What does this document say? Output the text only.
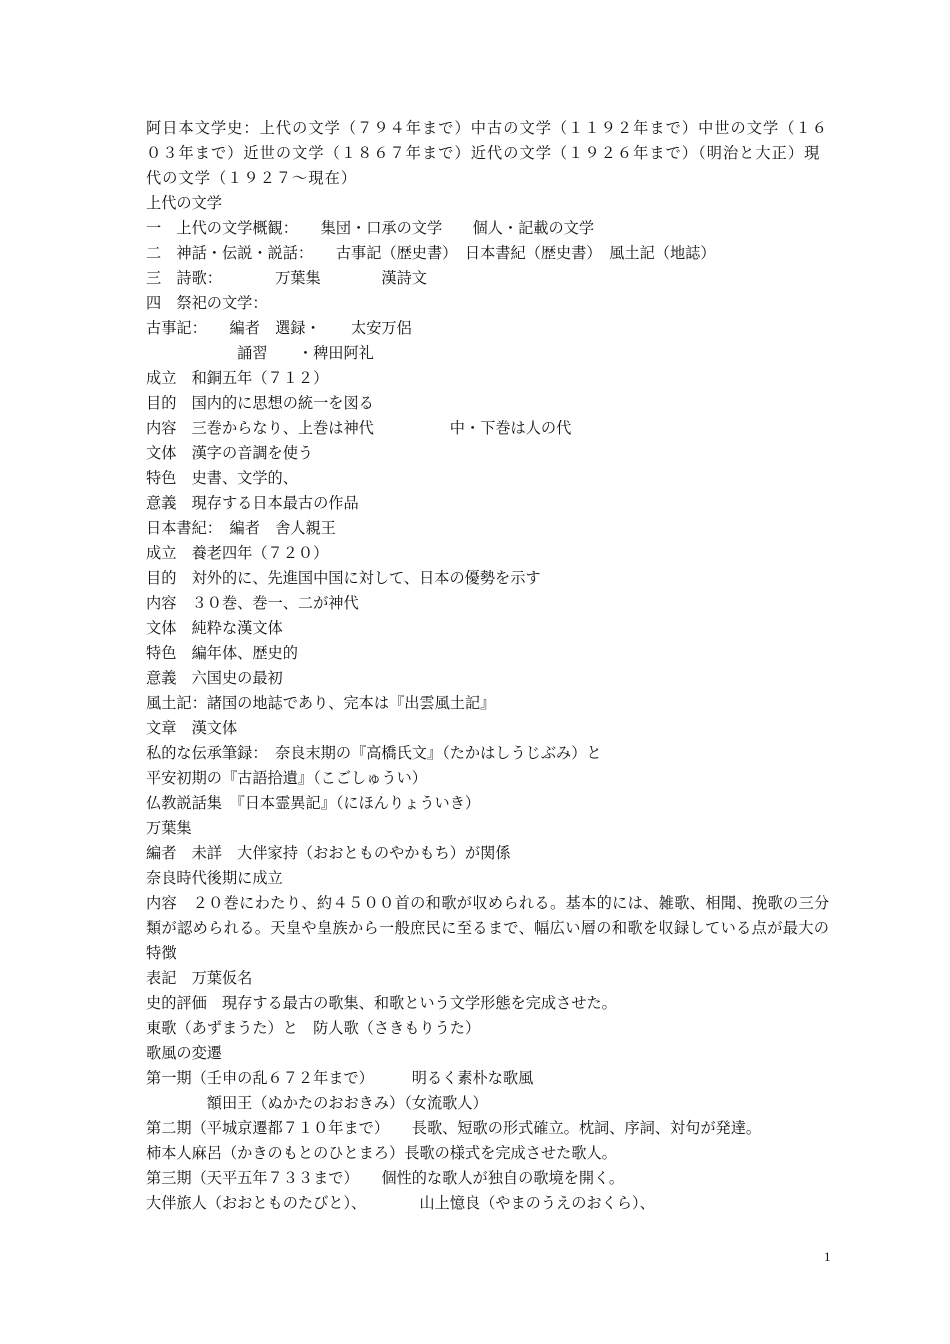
阿日本文学史：上代の文学（７９４年まで）中古の文学（１１９２年まで）中世の文学（１６０３年まで）近世の文学（１８６７年まで）近代の文学（１９２６年まで）（明治と大正）現代の文学（１９２７～現在）
上代の文学
一　上代の文学概観：　　集団・口承の文学　　個人・記載の文学
二　神話・伝説・説話：　　古事記（歴史書）　日本書紀（歴史書）　風土記（地誌）
三　詩歌：　　　　万葉集　　　　漢詩文
四　祭祀の文学：
古事記：　　編者　選録・　　太安万侶
　　　　　　誦習　　・稗田阿礼
成立　和銅五年（７１２）
目的　国内的に思想の統一を図る
内容　三巻からなり、上巻は神代　　　　　中・下巻は人の代
文体　漢字の音調を使う
特色　史書、文学的、
意義　現存する日本最古の作品
日本書紀：　編者　舎人親王
成立　養老四年（７２０）
目的　対外的に、先進国中国に対して、日本の優勢を示す
内容　３０巻、巻一、二が神代
文体　純粋な漢文体
特色　編年体、歴史的
意義　六国史の最初
風土記：諸国の地誌であり、完本は『出雲風土記』
文章　漢文体
私的な伝承筆録：　奈良末期の『高橋氏文』（たかはしうじぶみ）と
平安初期の『古語拾遺』（こごしゅうい）
仏教説話集　『日本霊異記』（にほんりょういき）
万葉集
編者　未詳　大伴家持（おおとものやかもち）が関係
奈良時代後期に成立
内容　２０巻にわたり、約４５００首の和歌が収められる。基本的には、雑歌、相聞、挽歌の三分類が認められる。天皇や皇族から一般庶民に至るまで、幅広い層の和歌を収録している点が最大の特徴
表記　万葉仮名
史的評価　現存する最古の歌集、和歌という文学形態を完成させた。
東歌（あずまうた）と　防人歌（さきもりうた）
歌風の変遷
第一期（壬申の乱６７２年まで）　　　明るく素朴な歌風
　　　　額田王（ぬかたのおおきみ）（女流歌人）
第二期（平城京遷都７１０年まで）　　長歌、短歌の形式確立。枕詞、序詞、対句が発達。
柿本人麻呂（かきのもとのひとまろ）長歌の様式を完成させた歌人。
第三期（天平五年７３３まで）　　個性的な歌人が独自の歌境を開く。
大伴旅人（おおとものたびと）、　　　　山上憶良（やまのうえのおくら）、
1
